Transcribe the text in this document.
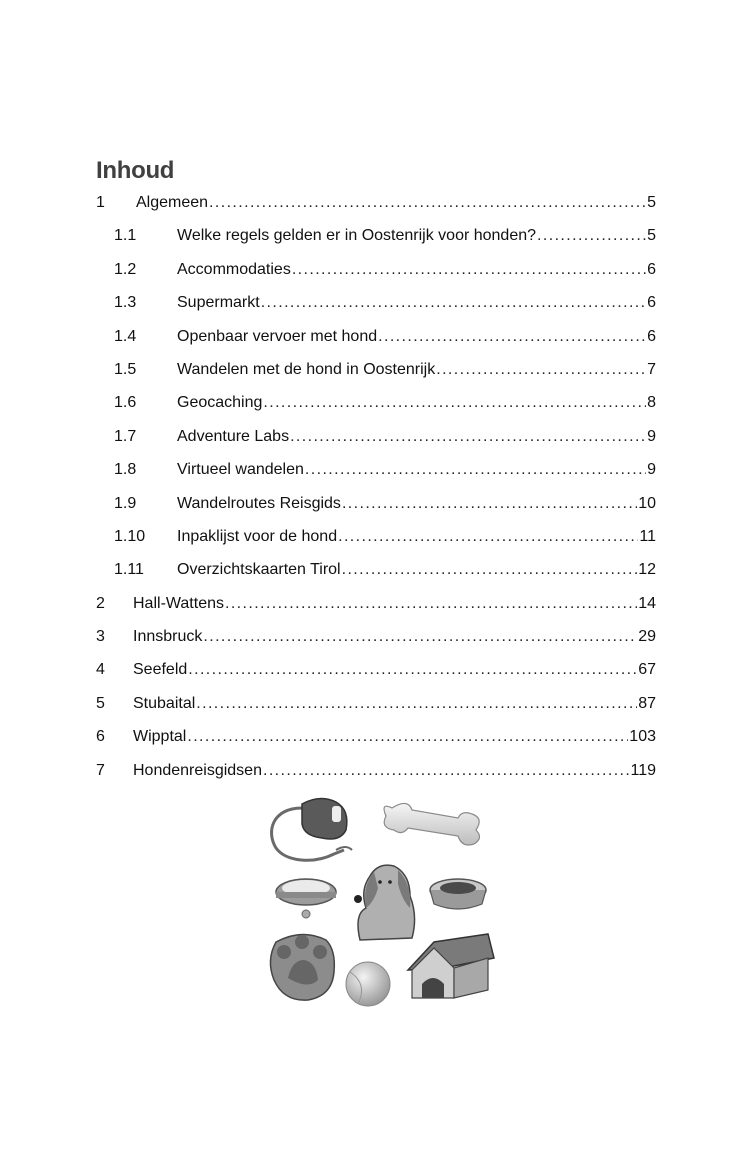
Inhoud
1	Algemeen .....	5
1.1	Welke regels gelden er in Oostenrijk voor honden? .....	5
1.2	Accommodaties .....	6
1.3	Supermarkt .....	6
1.4	Openbaar vervoer met hond .....	6
1.5	Wandelen met de hond in Oostenrijk .....	7
1.6	Geocaching .....	8
1.7	Adventure Labs .....	9
1.8	Virtueel wandelen .....	9
1.9	Wandelroutes Reisgids .....	10
1.10	Inpaklijst voor de hond .....	11
1.11	Overzichtskaarten Tirol .....	12
2	Hall-Wattens .....	14
3	Innsbruck .....	29
4	Seefeld .....	67
5	Stubaital .....	87
6	Wipptal .....	103
7	Hondenreisgidsen .....	119
